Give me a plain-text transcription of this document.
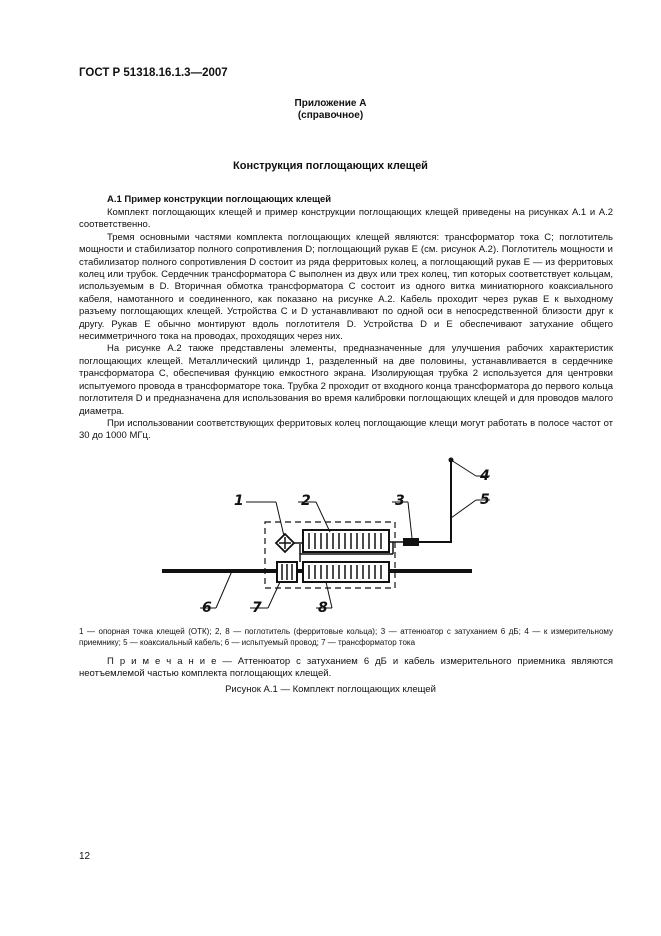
ГОСТ Р 51318.16.1.3—2007
Приложение А
(справочное)
Конструкция поглощающих клещей
А.1 Пример конструкции поглощающих клещей

Комплект поглощающих клещей и пример конструкции поглощающих клещей приведены на рисунках А.1 и А.2 соответственно.

Тремя основными частями комплекта поглощающих клещей являются: трансформатор тока C; поглотитель мощности и стабилизатор полного сопротивления D; поглощающий рукав E (см. рисунок А.2). Поглотитель мощности и стабилизатор полного сопротивления D состоит из ряда ферритовых колец, а поглощающий рукав E — из ферритовых колец или трубок. Сердечник трансформатора C выполнен из двух или трех колец, тип которых соответствует кольцам, используемым в D. Вторичная обмотка трансформатора C состоит из одного витка миниатюрного коаксиального кабеля, намотанного и соединенного, как показано на рисунке А.2. Кабель проходит через рукав E к выходному разъему поглощающих клещей. Устройства C и D устанавливают по одной оси в непосредственной близости друг к другу. Рукав E обычно монтируют вдоль поглотителя D. Устройства D и E обеспечивают затухание общего несимметричного тока на проводах, проходящих через них.

На рисунке А.2 также представлены элементы, предназначенные для улучшения рабочих характеристик поглощающих клещей. Металлический цилиндр 1, разделенный на две половины, устанавливается в сердечнике трансформатора C, обеспечивая функцию емкостного экрана. Изолирующая трубка 2 используется для центровки испытуемого провода в трансформаторе тока. Трубка 2 проходит от входного конца трансформатора до первого кольца поглотителя D и предназначена для использования во время калибровки поглощающих клещей и для проводов малого диаметра.

При использовании соответствующих ферритовых колец поглощающие клещи могут работать в полосе частот от 30 до 1000 МГц.

1	2	3
4
5
6	7	8
1 — опорная точка клещей (ОТК); 2, 8 — поглотитель (ферритовые кольца); 3 — аттенюатор с затуханием 6 дБ; 4 — к измерительному приемнику; 5 — коаксиальный кабель; 6 — испытуемый провод; 7 — трансформатор тока
П р и м е ч а н и е — Аттенюатор с затуханием 6 дБ и кабель измерительного приемника являются неотъемлемой частью комплекта поглощающих клещей.
Рисунок А.1 — Комплект поглощающих клещей
12
